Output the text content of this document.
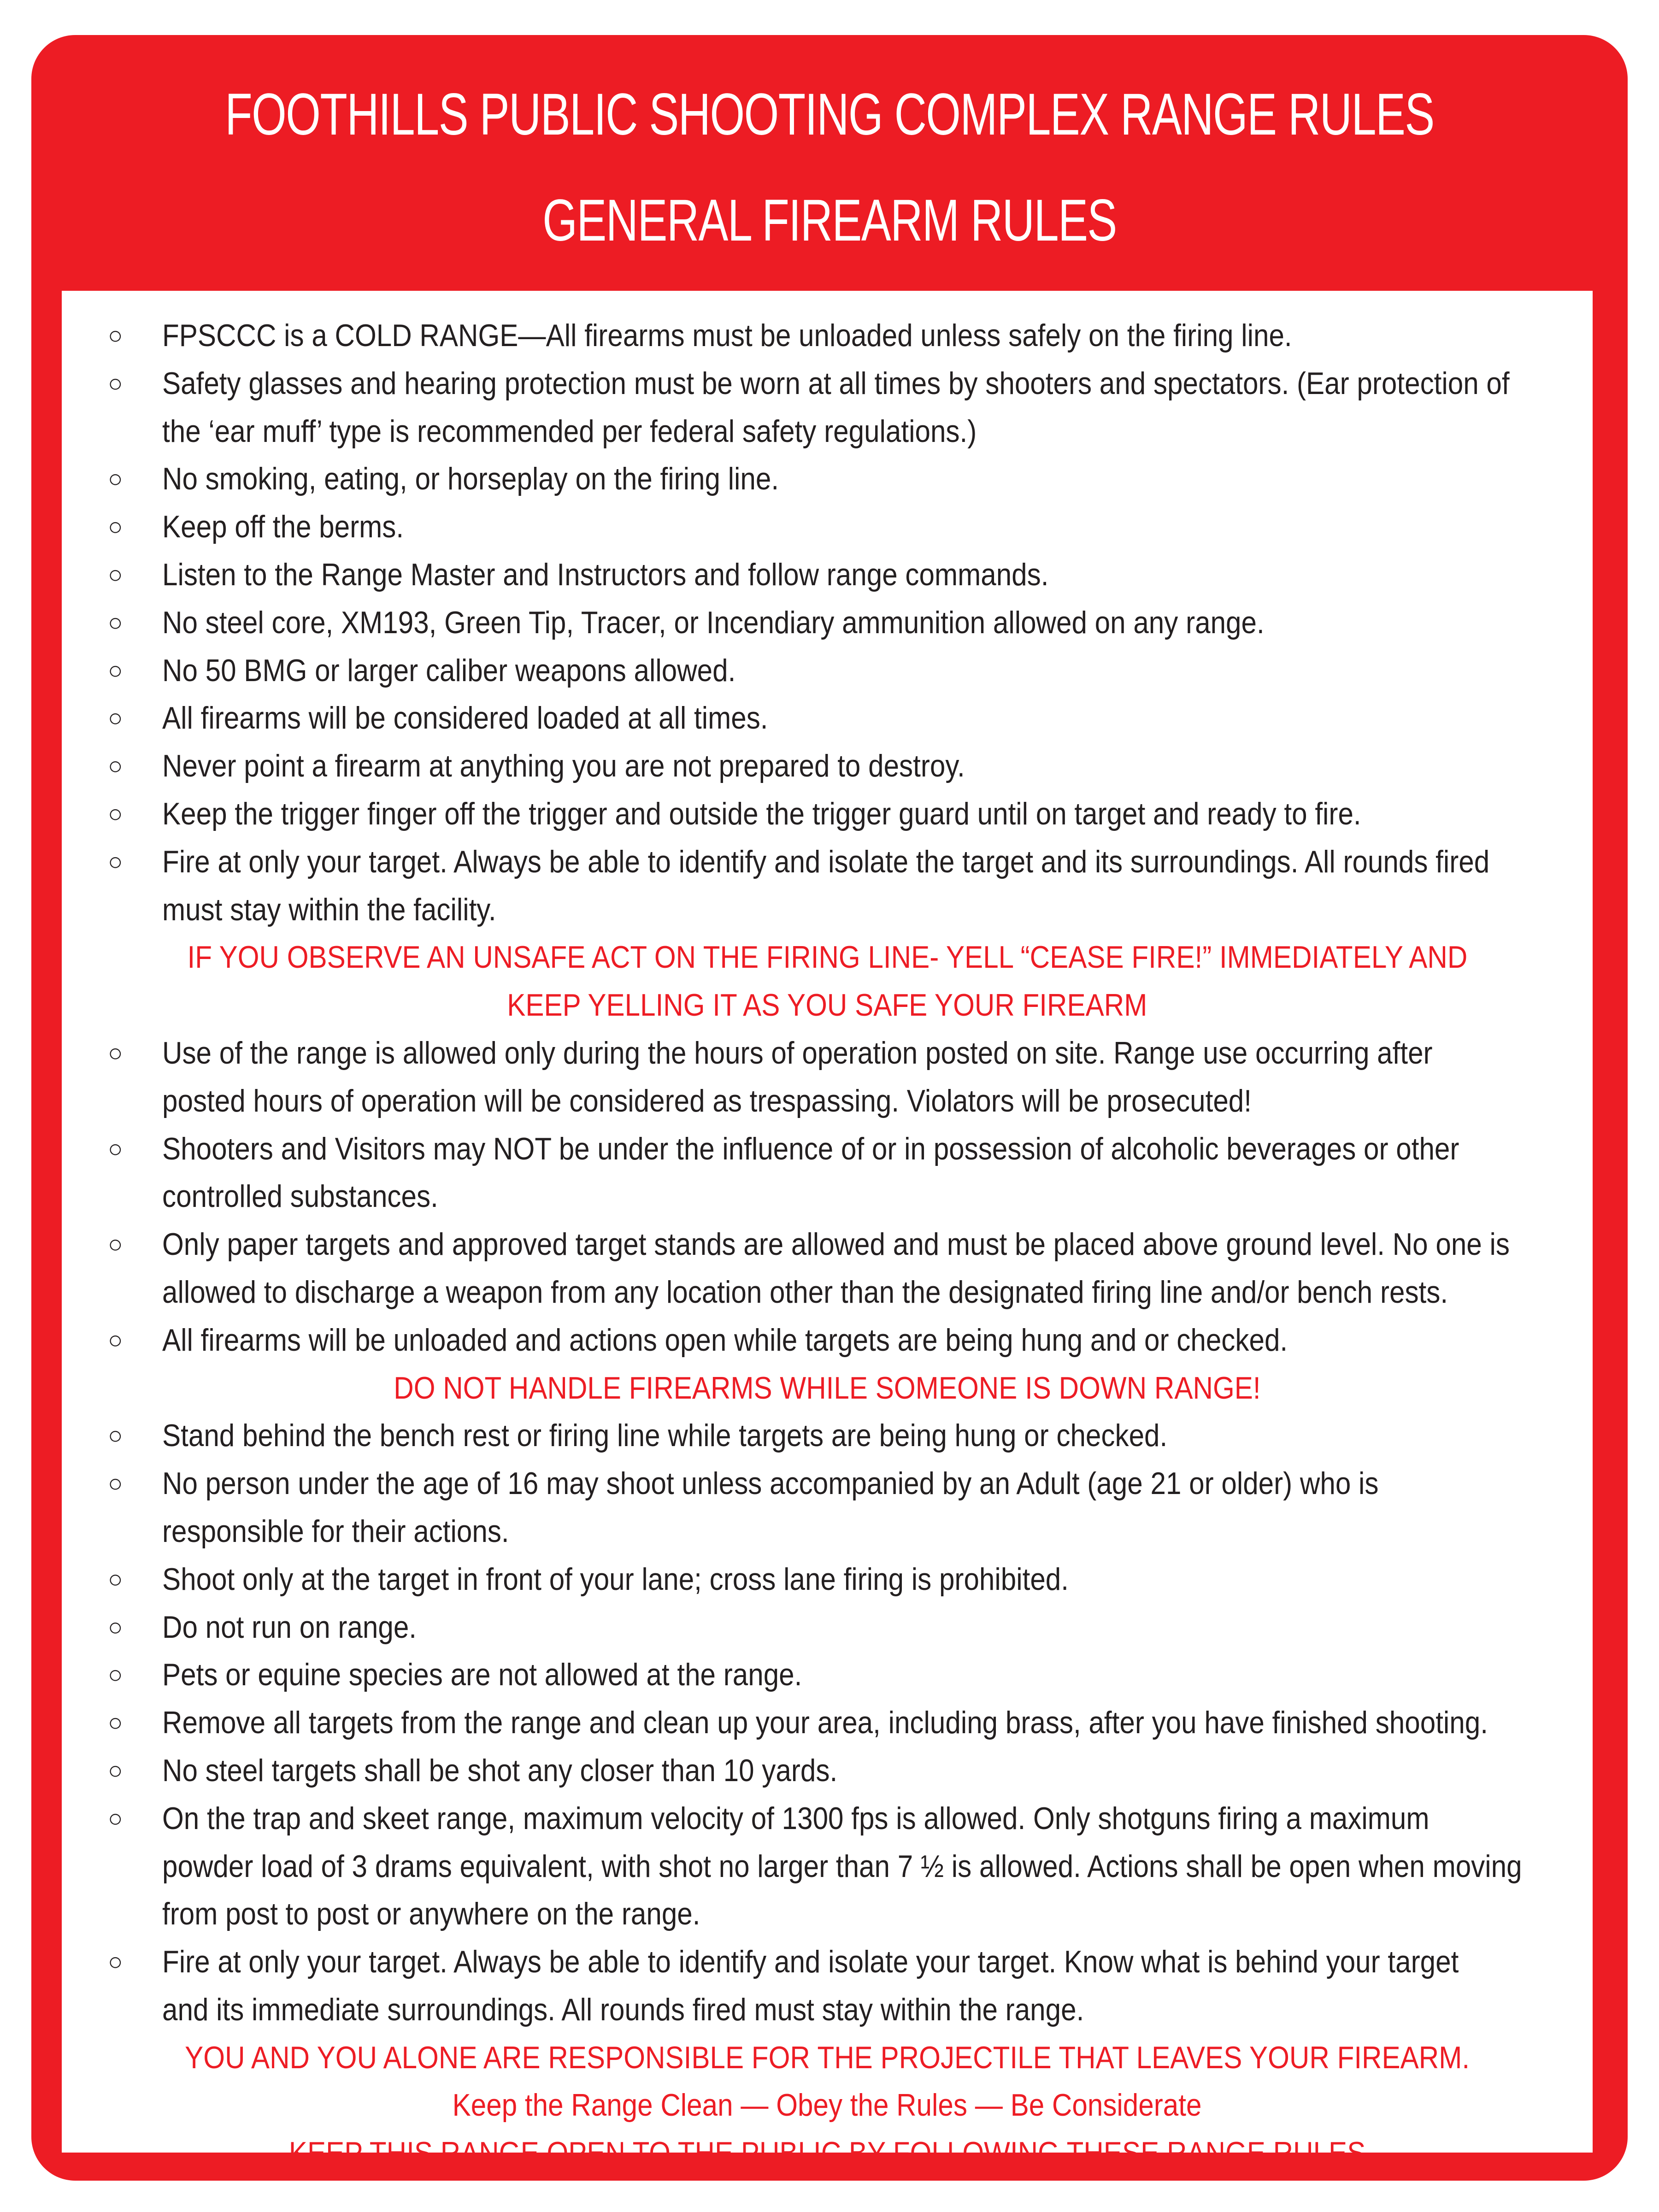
FOOTHILLS PUBLIC SHOOTING COMPLEX RANGE RULES
GENERAL FIREARM RULES
○ FPSCCC is a COLD RANGE—All firearms must be unloaded unless safely on the firing line.
○ Safety glasses and hearing protection must be worn at all times by shooters and spectators. (Ear protection of
the ‘ear muff’ type is recommended per federal safety regulations.)
○ No smoking, eating, or horseplay on the firing line.
○ Keep off the berms.
○ Listen to the Range Master and Instructors and follow range commands.
○ No steel core, XM193, Green Tip, Tracer, or Incendiary ammunition allowed on any range.
○ No 50 BMG or larger caliber weapons allowed.
○ All firearms will be considered loaded at all times.
○ Never point a firearm at anything you are not prepared to destroy.
○ Keep the trigger finger off the trigger and outside the trigger guard until on target and ready to fire.
○ Fire at only your target. Always be able to identify and isolate the target and its surroundings. All rounds fired
must stay within the facility.
IF YOU OBSERVE AN UNSAFE ACT ON THE FIRING LINE- YELL “CEASE FIRE!” IMMEDIATELY AND
KEEP YELLING IT AS YOU SAFE YOUR FIREARM
○ Use of the range is allowed only during the hours of operation posted on site. Range use occurring after
posted hours of operation will be considered as trespassing. Violators will be prosecuted!
○ Shooters and Visitors may NOT be under the influence of or in possession of alcoholic beverages or other
controlled substances.
○ Only paper targets and approved target stands are allowed and must be placed above ground level. No one is
allowed to discharge a weapon from any location other than the designated firing line and/or bench rests.
○ All firearms will be unloaded and actions open while targets are being hung and or checked.
DO NOT HANDLE FIREARMS WHILE SOMEONE IS DOWN RANGE!
○ Stand behind the bench rest or firing line while targets are being hung or checked.
○ No person under the age of 16 may shoot unless accompanied by an Adult (age 21 or older) who is
responsible for their actions.
○ Shoot only at the target in front of your lane; cross lane firing is prohibited.
○ Do not run on range.
○ Pets or equine species are not allowed at the range.
○ Remove all targets from the range and clean up your area, including brass, after you have finished shooting.
○ No steel targets shall be shot any closer than 10 yards.
○ On the trap and skeet range, maximum velocity of 1300 fps is allowed. Only shotguns firing a maximum
powder load of 3 drams equivalent, with shot no larger than 7 ½ is allowed. Actions shall be open when moving
from post to post or anywhere on the range.
○ Fire at only your target. Always be able to identify and isolate your target. Know what is behind your target
and its immediate surroundings. All rounds fired must stay within the range.
YOU AND YOU ALONE ARE RESPONSIBLE FOR THE PROJECTILE THAT LEAVES YOUR FIREARM.
Keep the Range Clean — Obey the Rules — Be Considerate
KEEP THIS RANGE OPEN TO THE PUBLIC BY FOLLOWING THESE RANGE RULES
